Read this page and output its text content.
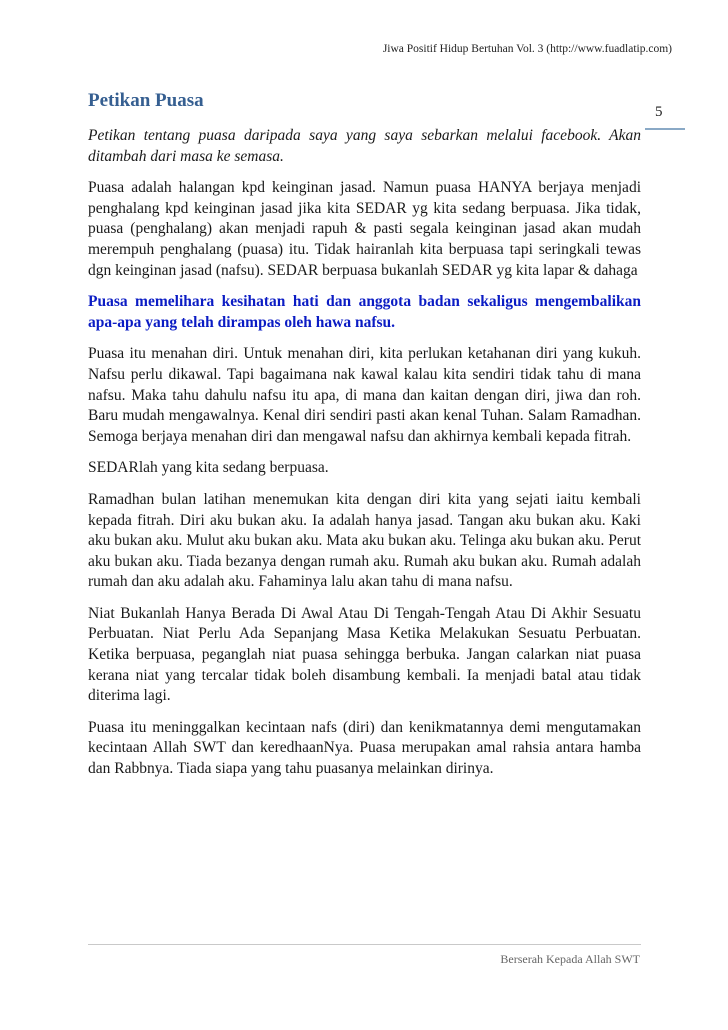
Jiwa Positif Hidup Bertuhan Vol. 3 (http://www.fuadlatip.com)
5
Petikan Puasa

Petikan tentang puasa daripada saya yang saya sebarkan melalui facebook. Akan ditambah dari masa ke semasa.

Puasa adalah halangan kpd keinginan jasad. Namun puasa HANYA berjaya menjadi penghalang kpd keinginan jasad jika kita SEDAR yg kita sedang berpuasa. Jika tidak, puasa (penghalang) akan menjadi rapuh & pasti segala keinginan jasad akan mudah merempuh penghalang (puasa) itu. Tidak hairanlah kita berpuasa tapi seringkali tewas dgn keinginan jasad (nafsu). SEDAR berpuasa bukanlah SEDAR yg kita lapar & dahaga

Puasa memelihara kesihatan hati dan anggota badan sekaligus mengembalikan apa-apa yang telah dirampas oleh hawa nafsu.

Puasa itu menahan diri. Untuk menahan diri, kita perlukan ketahanan diri yang kukuh. Nafsu perlu dikawal. Tapi bagaimana nak kawal kalau kita sendiri tidak tahu di mana nafsu. Maka tahu dahulu nafsu itu apa, di mana dan kaitan dengan diri, jiwa dan roh. Baru mudah mengawalnya. Kenal diri sendiri pasti akan kenal Tuhan. Salam Ramadhan. Semoga berjaya menahan diri dan mengawal nafsu dan akhirnya kembali kepada fitrah.

SEDARlah yang kita sedang berpuasa.

Ramadhan bulan latihan menemukan kita dengan diri kita yang sejati iaitu kembali kepada fitrah. Diri aku bukan aku. Ia adalah hanya jasad. Tangan aku bukan aku. Kaki aku bukan aku. Mulut aku bukan aku. Mata aku bukan aku. Telinga aku bukan aku. Perut aku bukan aku. Tiada bezanya dengan rumah aku. Rumah aku bukan aku. Rumah adalah rumah dan aku adalah aku. Fahaminya lalu akan tahu di mana nafsu.

Niat Bukanlah Hanya Berada Di Awal Atau Di Tengah-Tengah Atau Di Akhir Sesuatu Perbuatan. Niat Perlu Ada Sepanjang Masa Ketika Melakukan Sesuatu Perbuatan. Ketika berpuasa, peganglah niat puasa sehingga berbuka. Jangan calarkan niat puasa kerana niat yang tercalar tidak boleh disambung kembali. Ia menjadi batal atau tidak diterima lagi.

Puasa itu meninggalkan kecintaan nafs (diri) dan kenikmatannya demi mengutamakan kecintaan Allah SWT dan keredhaanNya. Puasa merupakan amal rahsia antara hamba dan Rabbnya. Tiada siapa yang tahu puasanya melainkan dirinya.

Berserah Kepada Allah SWT
